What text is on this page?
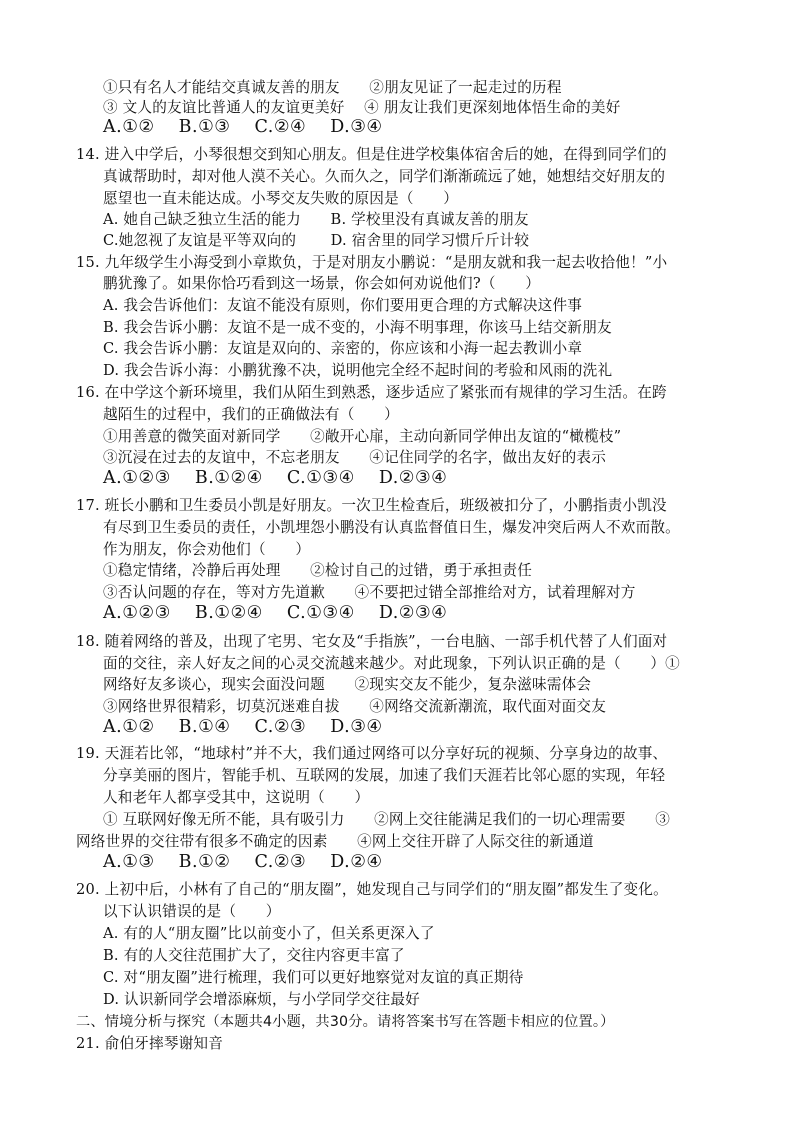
①只有名人才能结交真诚友善的朋友　　②朋友见证了一起走过的历程
③ 文人的友谊比普通人的友谊更美好　 ④ 朋友让我们更深刻地体悟生命的美好
A.①②　 B.①③　 C.②④　 D.③④
14. 进入中学后，小琴很想交到知心朋友。但是住进学校集体宿舍后的她，在得到同学们的
真诚帮助时，却对他人漠不关心。久而久之，同学们渐渐疏远了她，她想结交好朋友的
愿望也一直未能达成。小琴交友失败的原因是（　　）
A. 她自己缺乏独立生活的能力　　B. 学校里没有真诚友善的朋友
C.她忽视了友谊是平等双向的　　 D. 宿舍里的同学习惯斤斤计较
15. 九年级学生小海受到小章欺负，于是对朋友小鹏说：“是朋友就和我一起去收拾他！”小
鹏犹豫了。如果你恰巧看到这一场景，你会如何劝说他们?（　　）
A. 我会告诉他们：友谊不能没有原则，你们要用更合理的方式解决这件事
B. 我会告诉小鹏：友谊不是一成不变的，小海不明事理，你该马上结交新朋友
C. 我会告诉小鹏：友谊是双向的、亲密的，你应该和小海一起去教训小章
D. 我会告诉小海：小鹏犹豫不决，说明他完全经不起时间的考验和风雨的洗礼
16. 在中学这个新环境里，我们从陌生到熟悉，逐步适应了紧张而有规律的学习生活。在跨
越陌生的过程中，我们的正确做法有（　　）
①用善意的微笑面对新同学　　②敞开心扉，主动向新同学伸出友谊的“橄榄枝”
③沉浸在过去的友谊中，不忘老朋友　　④记住同学的名字，做出友好的表示
A.①②③　 B.①②④　 C.①③④　 D.②③④
17. 班长小鹏和卫生委员小凯是好朋友。一次卫生检查后，班级被扣分了，小鹏指责小凯没
有尽到卫生委员的责任，小凯埋怨小鹏没有认真监督值日生，爆发冲突后两人不欢而散。
作为朋友，你会劝他们（　　）
①稳定情绪，冷静后再处理　　②检讨自己的过错，勇于承担责任
③否认问题的存在，等对方先道歉　　④不要把过错全部推给对方，试着理解对方
A.①②③　 B.①②④　 C.①③④　 D.②③④
18. 随着网络的普及，出现了宅男、宅女及“手指族”，一台电脑、一部手机代替了人们面对
面的交往，亲人好友之间的心灵交流越来越少。对此现象，下列认识正确的是（　　）①
网络好友多谈心，现实会面没问题　　②现实交友不能少，复杂滋味需体会
③网络世界很精彩，切莫沉迷难自拔　　④网络交流新潮流，取代面对面交友
A.①②　 B.①④　 C.②③　 D.③④
19. 天涯若比邻，“地球村”并不大，我们通过网络可以分享好玩的视频、分享身边的故事、
分享美丽的图片，智能手机、互联网的发展，加速了我们天涯若比邻心愿的实现，年轻
人和老年人都享受其中，这说明（　　）
① 互联网好像无所不能，具有吸引力　　②网上交往能满足我们的一切心理需要　　③
网络世界的交往带有很多不确定的因素　　④网上交往开辟了人际交往的新通道
A.①③　 B.①②　 C.②③　 D.②④
20. 上初中后，小林有了自己的“朋友圈”，她发现自己与同学们的“朋友圈”都发生了变化。
以下认识错误的是（　　）
A. 有的人“朋友圈”比以前变小了，但关系更深入了
B. 有的人交往范围扩大了，交往内容更丰富了
C. 对“朋友圈”进行梳理，我们可以更好地察觉对友谊的真正期待
D. 认识新同学会增添麻烦，与小学同学交往最好
二、情境分析与探究（本题共4小题，共30分。请将答案书写在答题卡相应的位置。）
21. 俞伯牙摔琴谢知音
